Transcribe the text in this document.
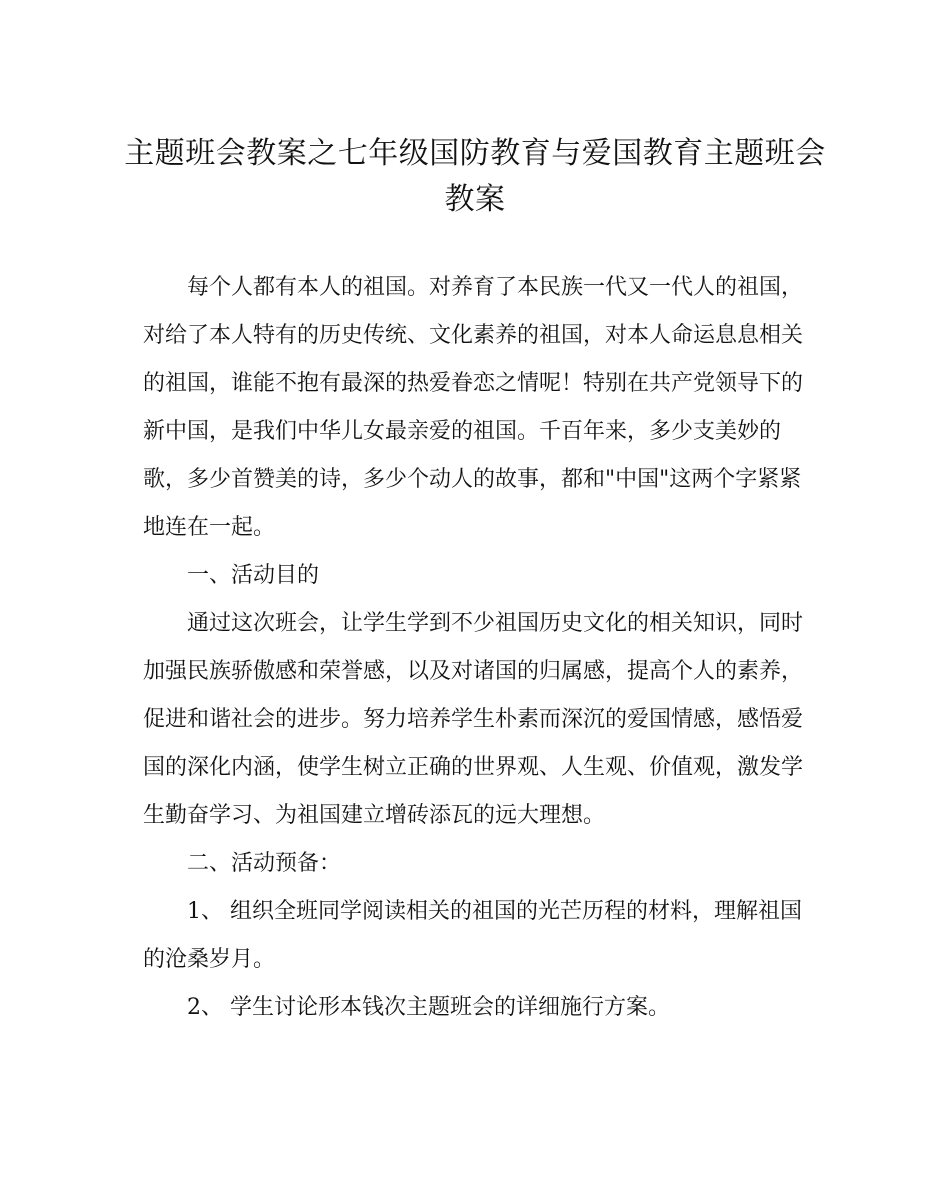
主题班会教案之七年级国防教育与爱国教育主题班会
教案

每个人都有本人的祖国。对养育了本民族一代又一代人的祖国，对给了本人特有的历史传统、文化素养的祖国，对本人命运息息相关的祖国，谁能不抱有最深的热爱眷恋之情呢！特别在共产党领导下的新中国，是我们中华儿女最亲爱的祖国。千百年来，多少支美妙的歌，多少首赞美的诗，多少个动人的故事，都和"中国"这两个字紧紧地连在一起。

一、活动目的

通过这次班会，让学生学到不少祖国历史文化的相关知识，同时加强民族骄傲感和荣誉感，以及对诸国的归属感，提高个人的素养，促进和谐社会的进步。努力培养学生朴素而深沉的爱国情感，感悟爱国的深化内涵，使学生树立正确的世界观、人生观、价值观，激发学生勤奋学习、为祖国建立增砖添瓦的远大理想。

二、活动预备：

1、 组织全班同学阅读相关的祖国的光芒历程的材料，理解祖国的沧桑岁月。

2、 学生讨论形本钱次主题班会的详细施行方案。
